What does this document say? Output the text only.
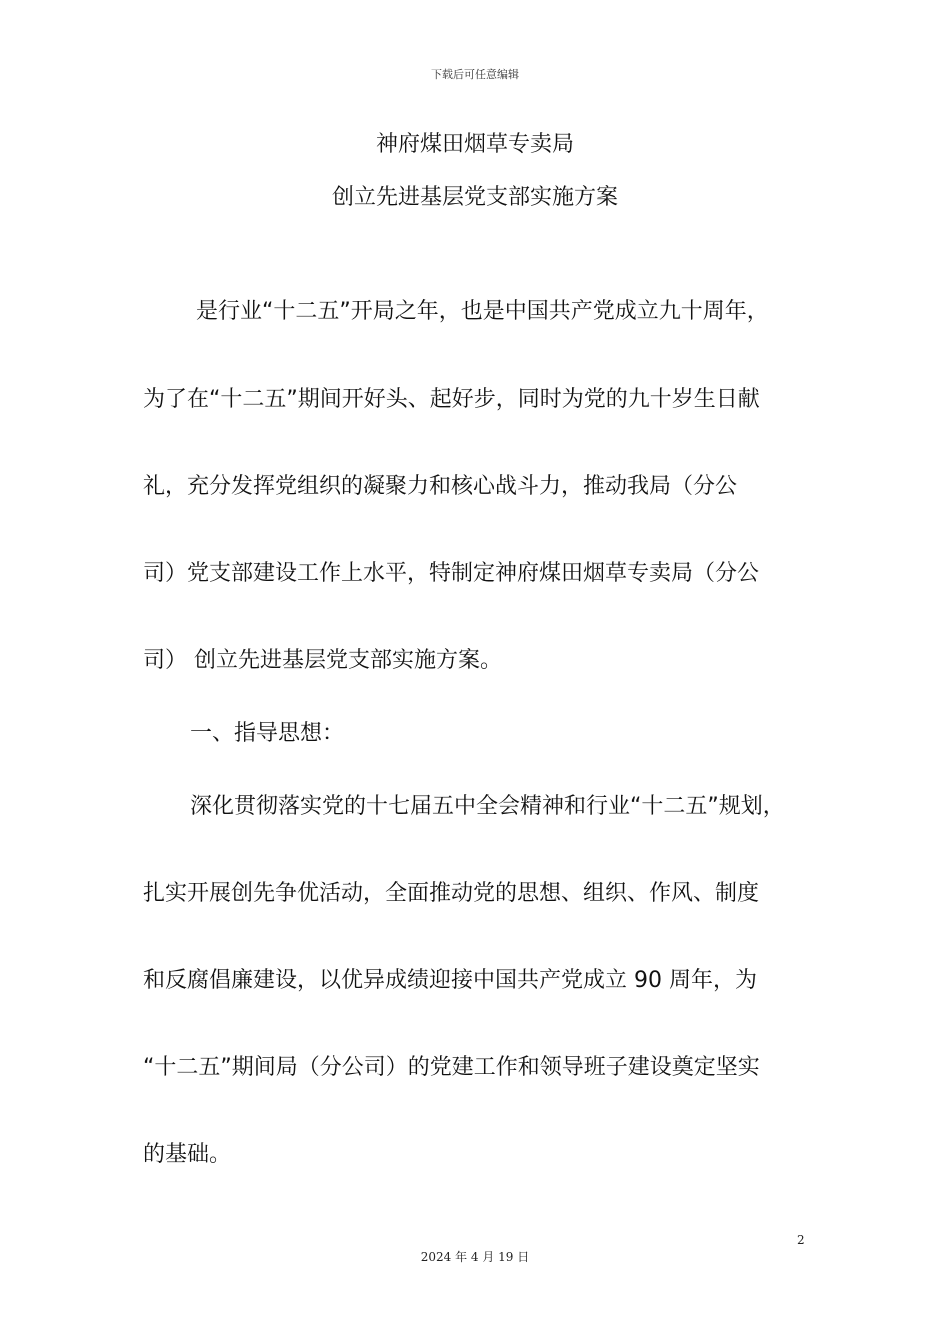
下载后可任意编辑
神府煤田烟草专卖局
创立先进基层党支部实施方案
是行业“十二五”开局之年，也是中国共产党成立九十周年，
为了在“十二五”期间开好头、起好步，同时为党的九十岁生日献
礼，充分发挥党组织的凝聚力和核心战斗力，推动我局（分公
司）党支部建设工作上水平，特制定神府煤田烟草专卖局（分公
司） 创立先进基层党支部实施方案。
一、指导思想：
深化贯彻落实党的十七届五中全会精神和行业“十二五”规划，
扎实开展创先争优活动，全面推动党的思想、组织、作风、制度
和反腐倡廉建设，以优异成绩迎接中国共产党成立 90 周年，为
“十二五”期间局（分公司）的党建工作和领导班子建设奠定坚实
的基础。
2
2024 年 4 月 19 日
